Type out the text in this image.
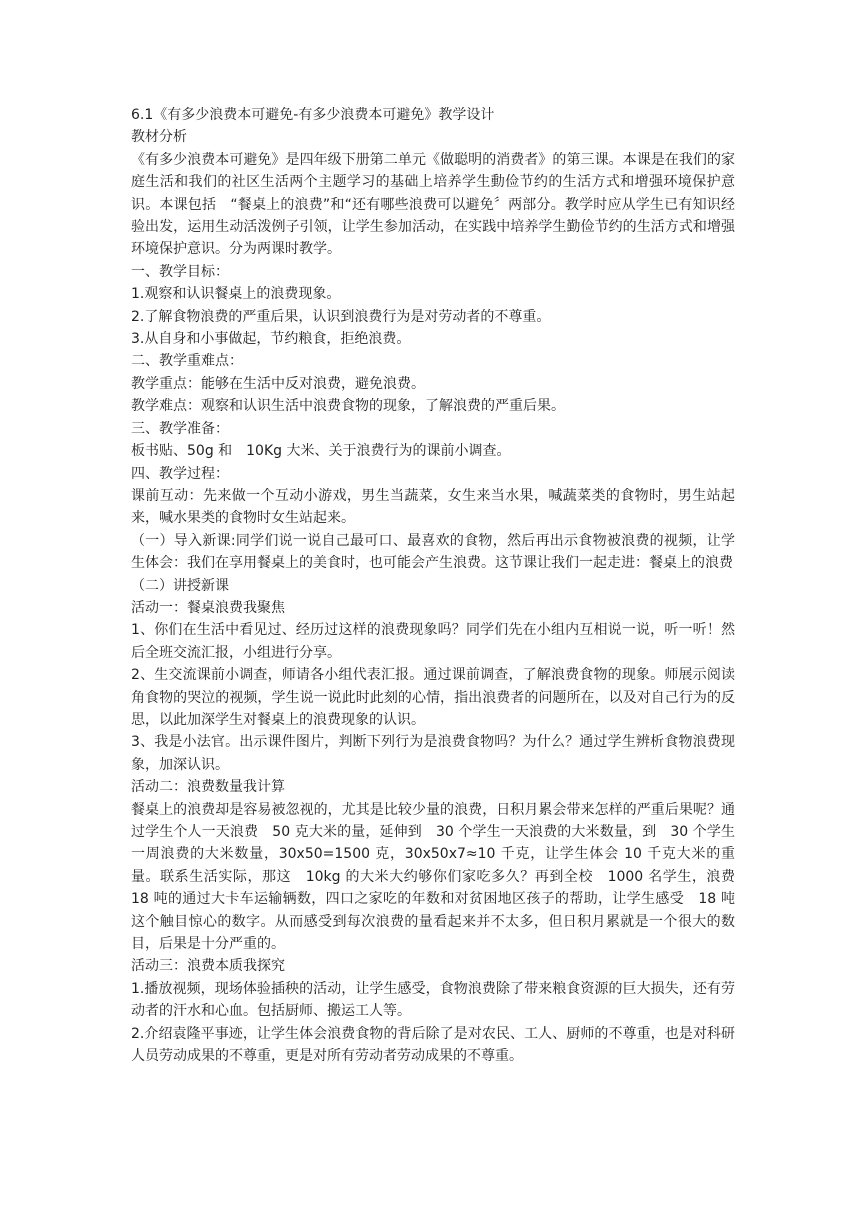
6.1《有多少浪费本可避免-有多少浪费本可避免》教学设计

教材分析

《有多少浪费本可避免》是四年级下册第二单元《做聪明的消费者》的第三课。本课是在我们的家庭生活和我们的社区生活两个主题学习的基础上培养学生動俭节约的生活方式和增强环境保护意识。本课包括　“餐桌上的浪费”和“还有哪些浪费可以避免〞两部分。教学时应从学生已有知识经验出发，运用生动活泼例子引领，让学生参加活动，在实践中培养学生勤俭节约的生活方式和增强环境保护意识。分为两课时教学。

一、教学目标：

1.观察和认识餐桌上的浪费现象。

2.了解食物浪费的严重后果，认识到浪费行为是对劳动者的不尊重。

3.从自身和小事做起，节约粮食，拒绝浪费。

二、教学重难点：

教学重点：能够在生活中反对浪费，避免浪费。

教学难点：观察和认识生活中浪费食物的现象，了解浪费的严重后果。

三、教学准备：

板书贴、50g 和　10Kg 大米、关于浪费行为的课前小调查。

四、教学过程：

课前互动：先来做一个互动小游戏，男生当蔬菜，女生来当水果，喊蔬菜类的食物时，男生站起来，喊水果类的食物时女生站起来。

（一）导入新课:同学们说一说自己最可口、最喜欢的食物，然后再出示食物被浪费的视频，让学生体会：我们在享用餐桌上的美食时，也可能会产生浪费。这节课让我们一起走进：餐桌上的浪费

（二）讲授新课

活动一：餐桌浪费我聚焦

1、你们在生活中看见过、经历过这样的浪费现象吗？同学们先在小组内互相说一说，听一听！然后全班交流汇报，小组进行分享。

2、生交流课前小调查，师请各小组代表汇报。通过课前调查，了解浪费食物的现象。师展示阅读角食物的哭泣的视频，学生说一说此时此刻的心情，指出浪费者的问题所在，以及对自己行为的反思，以此加深学生对餐桌上的浪费现象的认识。

3、我是小法官。出示课件图片，判断下列行为是浪费食物吗？为什么？通过学生辨析食物浪费现象，加深认识。

活动二：浪费数量我计算

餐桌上的浪费却是容易被忽视的，尤其是比较少量的浪费，日积月累会带来怎样的严重后果呢？通过学生个人一天浪费　50 克大米的量，延伸到　30 个学生一天浪费的大米数量，到　30 个学生一周浪费的大米数量，30x50=1500 克，30x50x7≈10 千克，让学生体会 10 千克大米的重量。联系生活实际，那这　10kg 的大米大约够你们家吃多久？再到全校　1000 名学生，浪费　18 吨的通过大卡车运输辆数，四口之家吃的年数和对贫困地区孩子的帮助，让学生感受　18 吨这个触目惊心的数字。从而感受到每次浪费的量看起来并不太多，但日积月累就是一个很大的数目，后果是十分严重的。

活动三：浪费本质我探究

1.播放视频，现场体验插秧的活动，让学生感受，食物浪费除了带来粮食资源的巨大损失，还有劳动者的汗水和心血。包括厨师、搬运工人等。

2.介绍袁隆平事迹，让学生体会浪费食物的背后除了是对农民、工人、厨师的不尊重，也是对科研人员劳动成果的不尊重，更是对所有劳动者劳动成果的不尊重。
